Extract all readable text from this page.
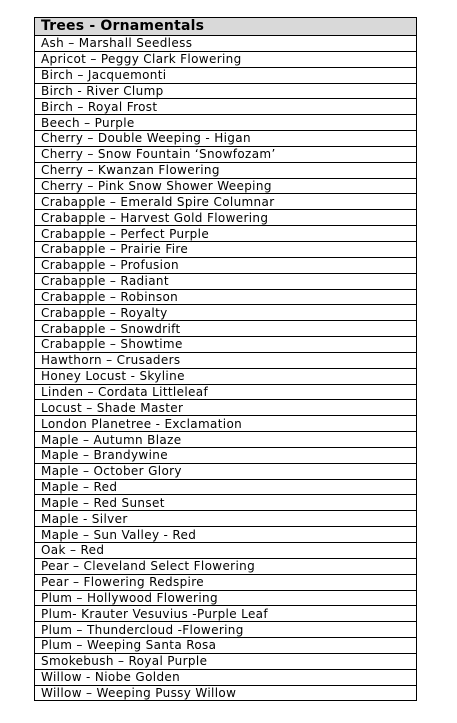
Trees - Ornamentals
Ash – Marshall Seedless
Apricot – Peggy Clark Flowering
Birch – Jacquemonti
Birch - River Clump
Birch – Royal Frost
Beech – Purple
Cherry – Double Weeping - Higan
Cherry – Snow Fountain ‘Snowfozam’
Cherry – Kwanzan Flowering
Cherry – Pink Snow Shower Weeping
Crabapple – Emerald Spire Columnar
Crabapple – Harvest Gold Flowering
Crabapple – Perfect Purple
Crabapple – Prairie Fire
Crabapple – Profusion
Crabapple – Radiant
Crabapple – Robinson
Crabapple – Royalty
Crabapple – Snowdrift
Crabapple – Showtime
Hawthorn – Crusaders
Honey Locust - Skyline
Linden – Cordata Littleleaf
Locust – Shade Master
London Planetree - Exclamation
Maple – Autumn Blaze
Maple – Brandywine
Maple – October Glory
Maple – Red
Maple – Red Sunset
Maple - Silver
Maple – Sun Valley - Red
Oak – Red
Pear – Cleveland Select Flowering
Pear – Flowering Redspire
Plum – Hollywood Flowering
Plum- Krauter Vesuvius -Purple Leaf
Plum – Thundercloud -Flowering
Plum – Weeping Santa Rosa
Smokebush – Royal Purple
Willow - Niobe Golden
Willow – Weeping Pussy Willow
